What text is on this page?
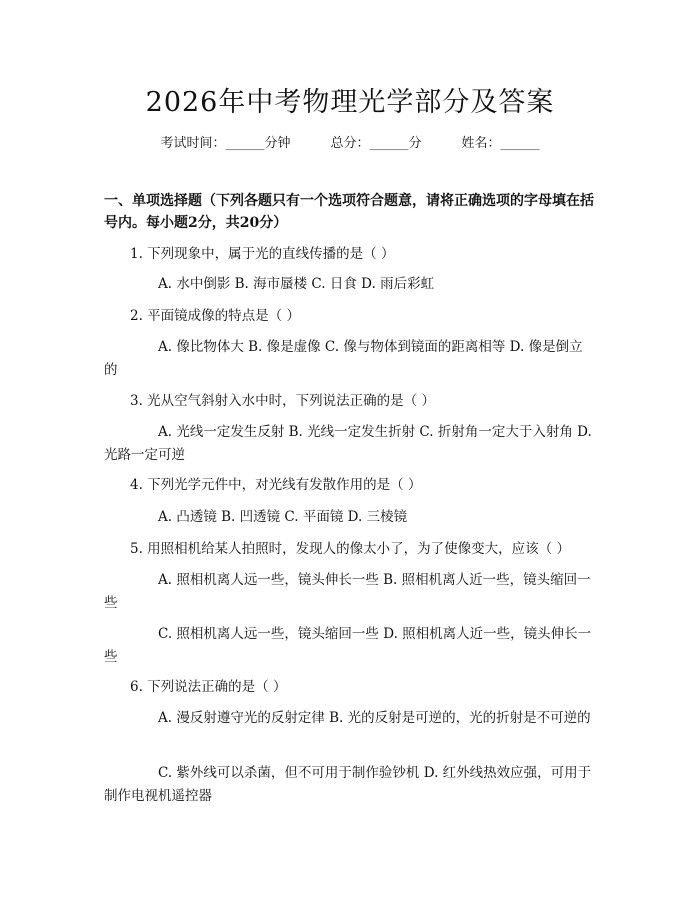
2026年中考物理光学部分及答案
考试时间：______分钟	总分：______分	姓名：______
一、单项选择题（下列各题只有一个选项符合题意，请将正确选项的字母填在括号内。每小题2分，共20分）
1. 下列现象中，属于光的直线传播的是（ ）
A. 水中倒影 B. 海市蜃楼 C. 日食 D. 雨后彩虹
2. 平面镜成像的特点是（ ）
A. 像比物体大 B. 像是虚像 C. 像与物体到镜面的距离相等 D. 像是倒立的
3. 光从空气斜射入水中时，下列说法正确的是（ ）
A. 光线一定发生反射 B. 光线一定发生折射 C. 折射角一定大于入射角 D. 光路一定可逆
4. 下列光学元件中，对光线有发散作用的是（ ）
A. 凸透镜 B. 凹透镜 C. 平面镜 D. 三棱镜
5. 用照相机给某人拍照时，发现人的像太小了，为了使像变大，应该（ ）
A. 照相机离人远一些，镜头伸长一些 B. 照相机离人近一些，镜头缩回一些
C. 照相机离人远一些，镜头缩回一些 D. 照相机离人近一些，镜头伸长一些
6. 下列说法正确的是（ ）
A. 漫反射遵守光的反射定律 B. 光的反射是可逆的，光的折射是不可逆的
C. 紫外线可以杀菌，但不可用于制作验钞机 D. 红外线热效应强，可用于制作电视机遥控器
